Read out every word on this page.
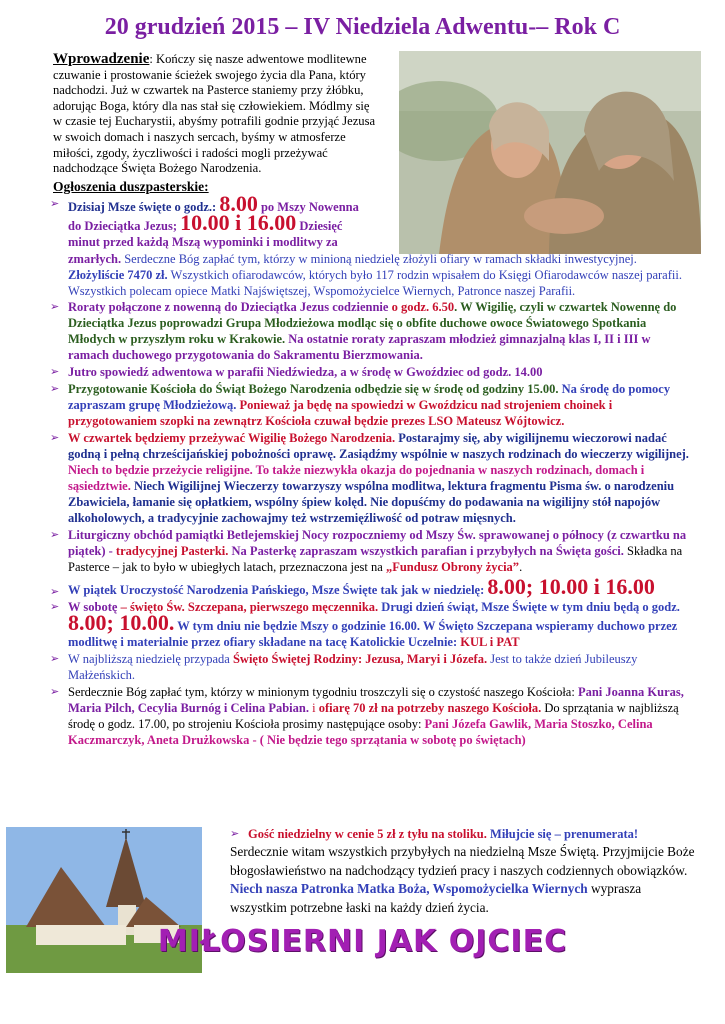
20 grudzień 2015 – IV Niedziela Adwentu-– Rok C
Wprowadzenie: Kończy się nasze adwentowe modlitewne czuwanie i prostowanie ścieżek swojego życia dla Pana, który nadchodzi. Już w czwartek na Pasterce staniemy przy żłóbku, adorując Boga, który dla nas stał się człowiekiem. Módlmy się w czasie tej Eucharystii, abyśmy potrafili godnie przyjąć Jezusa w swoich domach i naszych sercach, byśmy w atmosferze miłości, zgody, życzliwości i radości mogli przeżywać nadchodzące Święta Bożego Narodzenia.
Ogłoszenia duszpasterskie:
➢ Dzisiaj Msze święte o godz.: 8.00 po Mszy Nowenna
do Dzieciątka Jezus; 10.00 i 16.00 Dziesięć
minut przed każdą Mszą wypominki i modlitwy za
zmarłych. Serdeczne Bóg zapłać tym, którzy w minioną niedzielę złożyli ofiary w ramach składki inwestycyjnej. Złożyliście 7470 zł. Wszystkich ofiarodawców, których było 117 rodzin wpisałem do Księgi Ofiarodawców naszej parafii. Wszystkich polecam opiece Matki Najświętszej, Wspomożycielce Wiernych, Patronce naszej Parafii.
➢ Roraty połączone z nowenną do Dzieciątka Jezus codziennie o godz. 6.50. W Wigilię, czyli w czwartek Nowennę do Dzieciątka Jezus poprowadzi Grupa Młodzieżowa modląc się o obfite duchowe owoce Światowego Spotkania Młodych w przyszłym roku w Krakowie. Na ostatnie roraty zapraszam młodzież gimnazjalną klas I, II i III w ramach duchowego przygotowania do Sakramentu Bierzmowania.
➢ Jutro spowiedź adwentowa w parafii Niedźwiedza, a w środę w Gwoździec od godz. 14.00
➢ Przygotowanie Kościoła do Świąt Bożego Narodzenia odbędzie się w środę od godziny 15.00. Na środę do pomocy zapraszam grupę Młodzieżową. Ponieważ ja będę na spowiedzi w Gwoździcu nad strojeniem choinek i przygotowaniem szopki na zewnątrz Kościoła czuwał będzie prezes LSO Mateusz Wójtowicz.
➢ W czwartek będziemy przeżywać Wigilię Bożego Narodzenia. Postarajmy się, aby wigilijnemu wieczorowi nadać godną i pełną chrześcijańskiej pobożności oprawę. Zasiądźmy wspólnie w naszych rodzinach do wieczerzy wigilijnej. Niech to będzie przeżycie religijne. To także niezwykła okazja do pojednania w naszych rodzinach, domach i sąsiedztwie. Niech Wigilijnej Wieczerzy towarzyszy wspólna modlitwa, lektura fragmentu Pisma św. o narodzeniu Zbawiciela, łamanie się opłatkiem, wspólny śpiew kolęd. Nie dopuśćmy do podawania na wigilijny stół napojów alkoholowych, a tradycyjnie zachowajmy też wstrzemięźliwość od potraw mięsnych.
➢ Liturgiczny obchód pamiątki Betlejemskiej Nocy rozpoczniemy od Mszy Św. sprawowanej o północy (z czwartku na piątek) - tradycyjnej Pasterki. Na Pasterkę zapraszam wszystkich parafian i przybyłych na Święta gości. Składka na Pasterce – jak to było w ubiegłych latach, przeznaczona jest na „Fundusz Obrony życia”.
➢ W piątek Uroczystość Narodzenia Pańskiego, Msze Święte tak jak w niedzielę: 8.00; 10.00 i 16.00
➢ W sobotę – święto Św. Szczepana, pierwszego męczennika. Drugi dzień świąt, Msze Święte w tym dniu będą o godz. 8.00; 10.00. W tym dniu nie będzie Mszy o godzinie 16.00. W Święto Szczepana wspieramy duchowo przez modlitwę i materialnie przez ofiary składane na tacę Katolickie Uczelnie: KUL i PAT
➢ W najbliższą niedzielę przypada Święto Świętej Rodziny: Jezusa, Maryi i Józefa. Jest to także dzień Jubileuszy Małżeńskich.
➢ Serdecznie Bóg zapłać tym, którzy w minionym tygodniu troszczyli się o czystość naszego Kościoła: Pani Joanna Kuras, Maria Pilch, Cecylia Burnóg i Celina Pabian. i ofiarę 70 zł na potrzeby naszego Kościoła. Do sprzątania w najbliższą środę o godz. 17.00, po strojeniu Kościoła prosimy następujące osoby: Pani Józefa Gawlik, Maria Stoszko, Celina Kaczmarczyk, Aneta Drużkowska - ( Nie będzie tego sprzątania w sobotę po świętach)
➢ Gość niedzielny w cenie 5 zł z tyłu na stoliku. Miłujcie się – prenumerata!
Serdecznie witam wszystkich przybyłych na niedzielną Msze Świętą. Przyjmijcie Boże błogosławieństwo na nadchodzący tydzień pracy i naszych codziennych obowiązków. Niech nasza Patronka Matka Boża, Wspomożycielka Wiernych wyprasza wszystkim potrzebne łaski na każdy dzień życia.
MIŁOSIERNI JAK OJCIEC
